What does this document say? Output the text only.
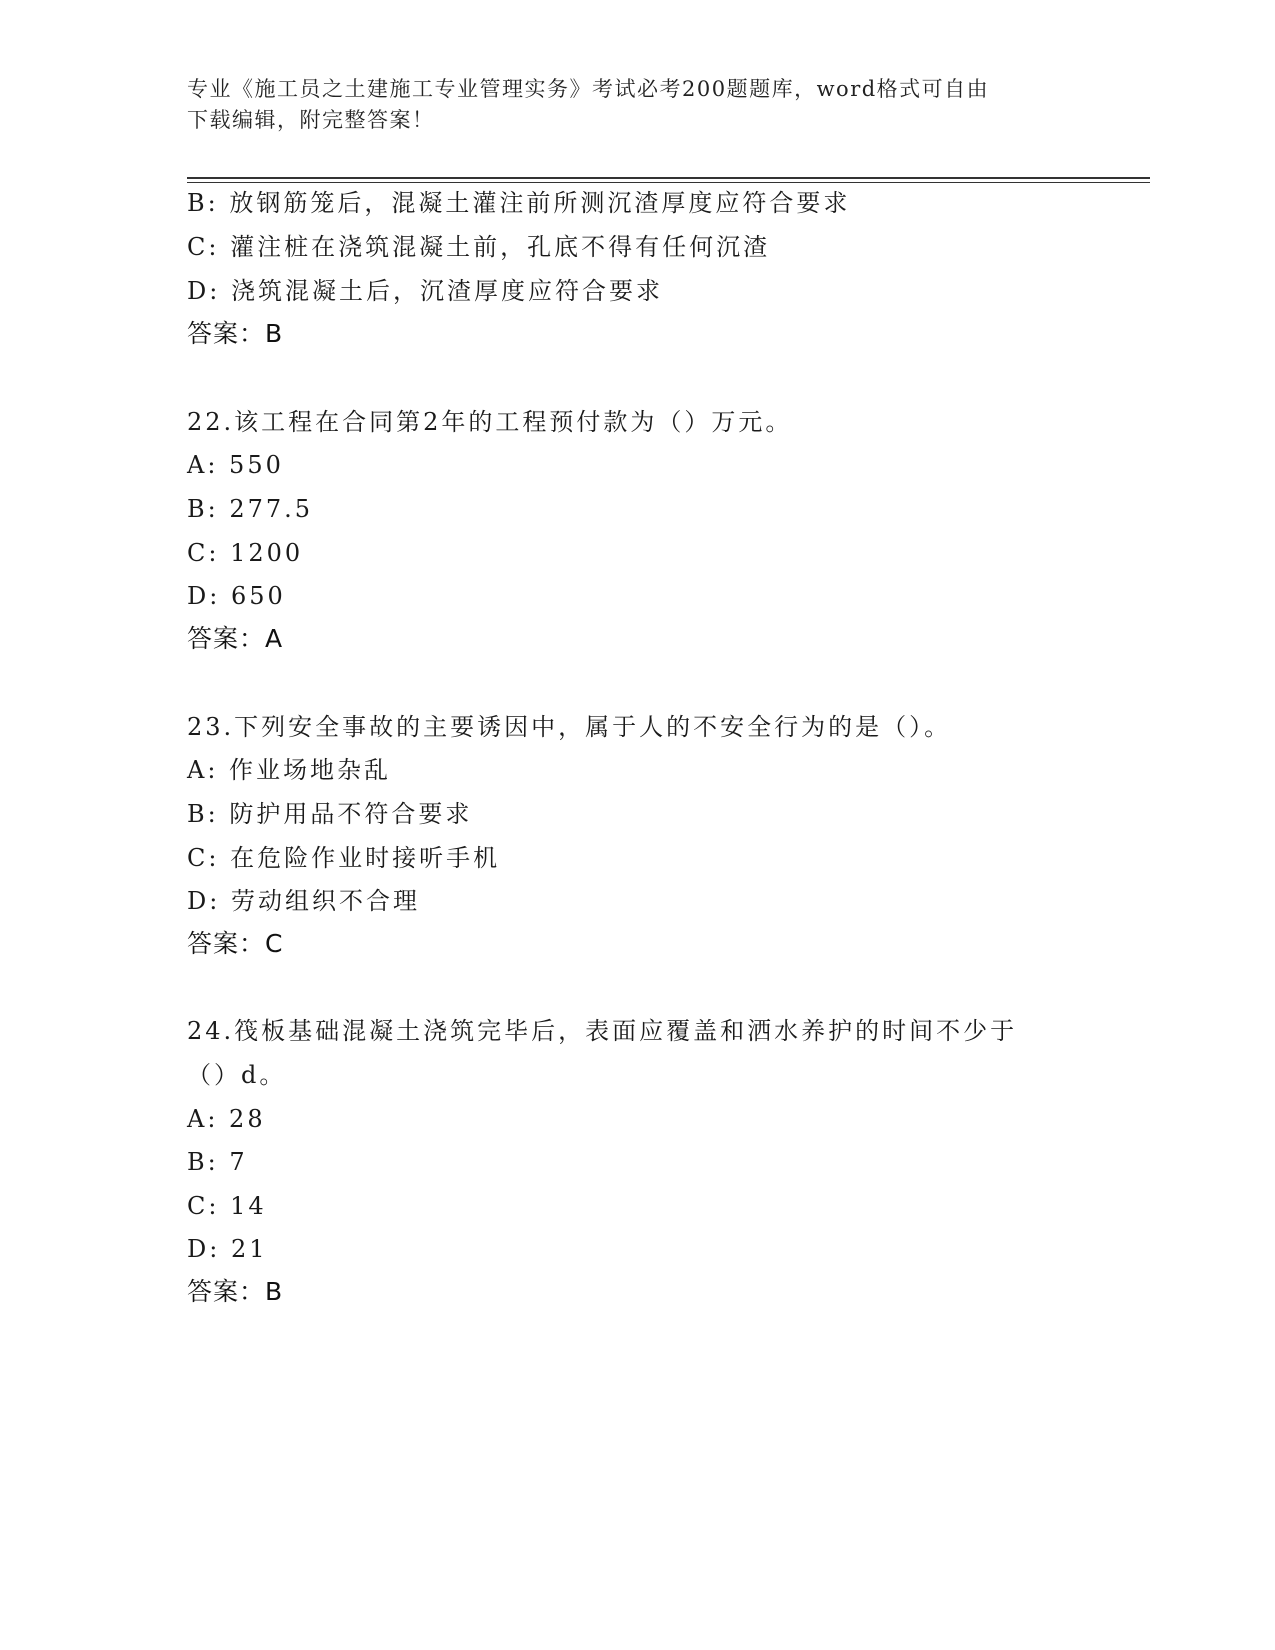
专业《施工员之土建施工专业管理实务》考试必考200题题库，word格式可自由
下载编辑，附完整答案！
B: 放钢筋笼后，混凝土灌注前所测沉渣厚度应符合要求
C: 灌注桩在浇筑混凝土前，孔底不得有任何沉渣
D: 浇筑混凝土后，沉渣厚度应符合要求
答案：B
22.该工程在合同第2年的工程预付款为（）万元。
A: 550
B: 277.5
C: 1200
D: 650
答案：A
23.下列安全事故的主要诱因中，属于人的不安全行为的是（）。
A: 作业场地杂乱
B: 防护用品不符合要求
C: 在危险作业时接听手机
D: 劳动组织不合理
答案：C
24.筏板基础混凝土浇筑完毕后，表面应覆盖和洒水养护的时间不少于
（）d。
A: 28
B: 7
C: 14
D: 21
答案：B
